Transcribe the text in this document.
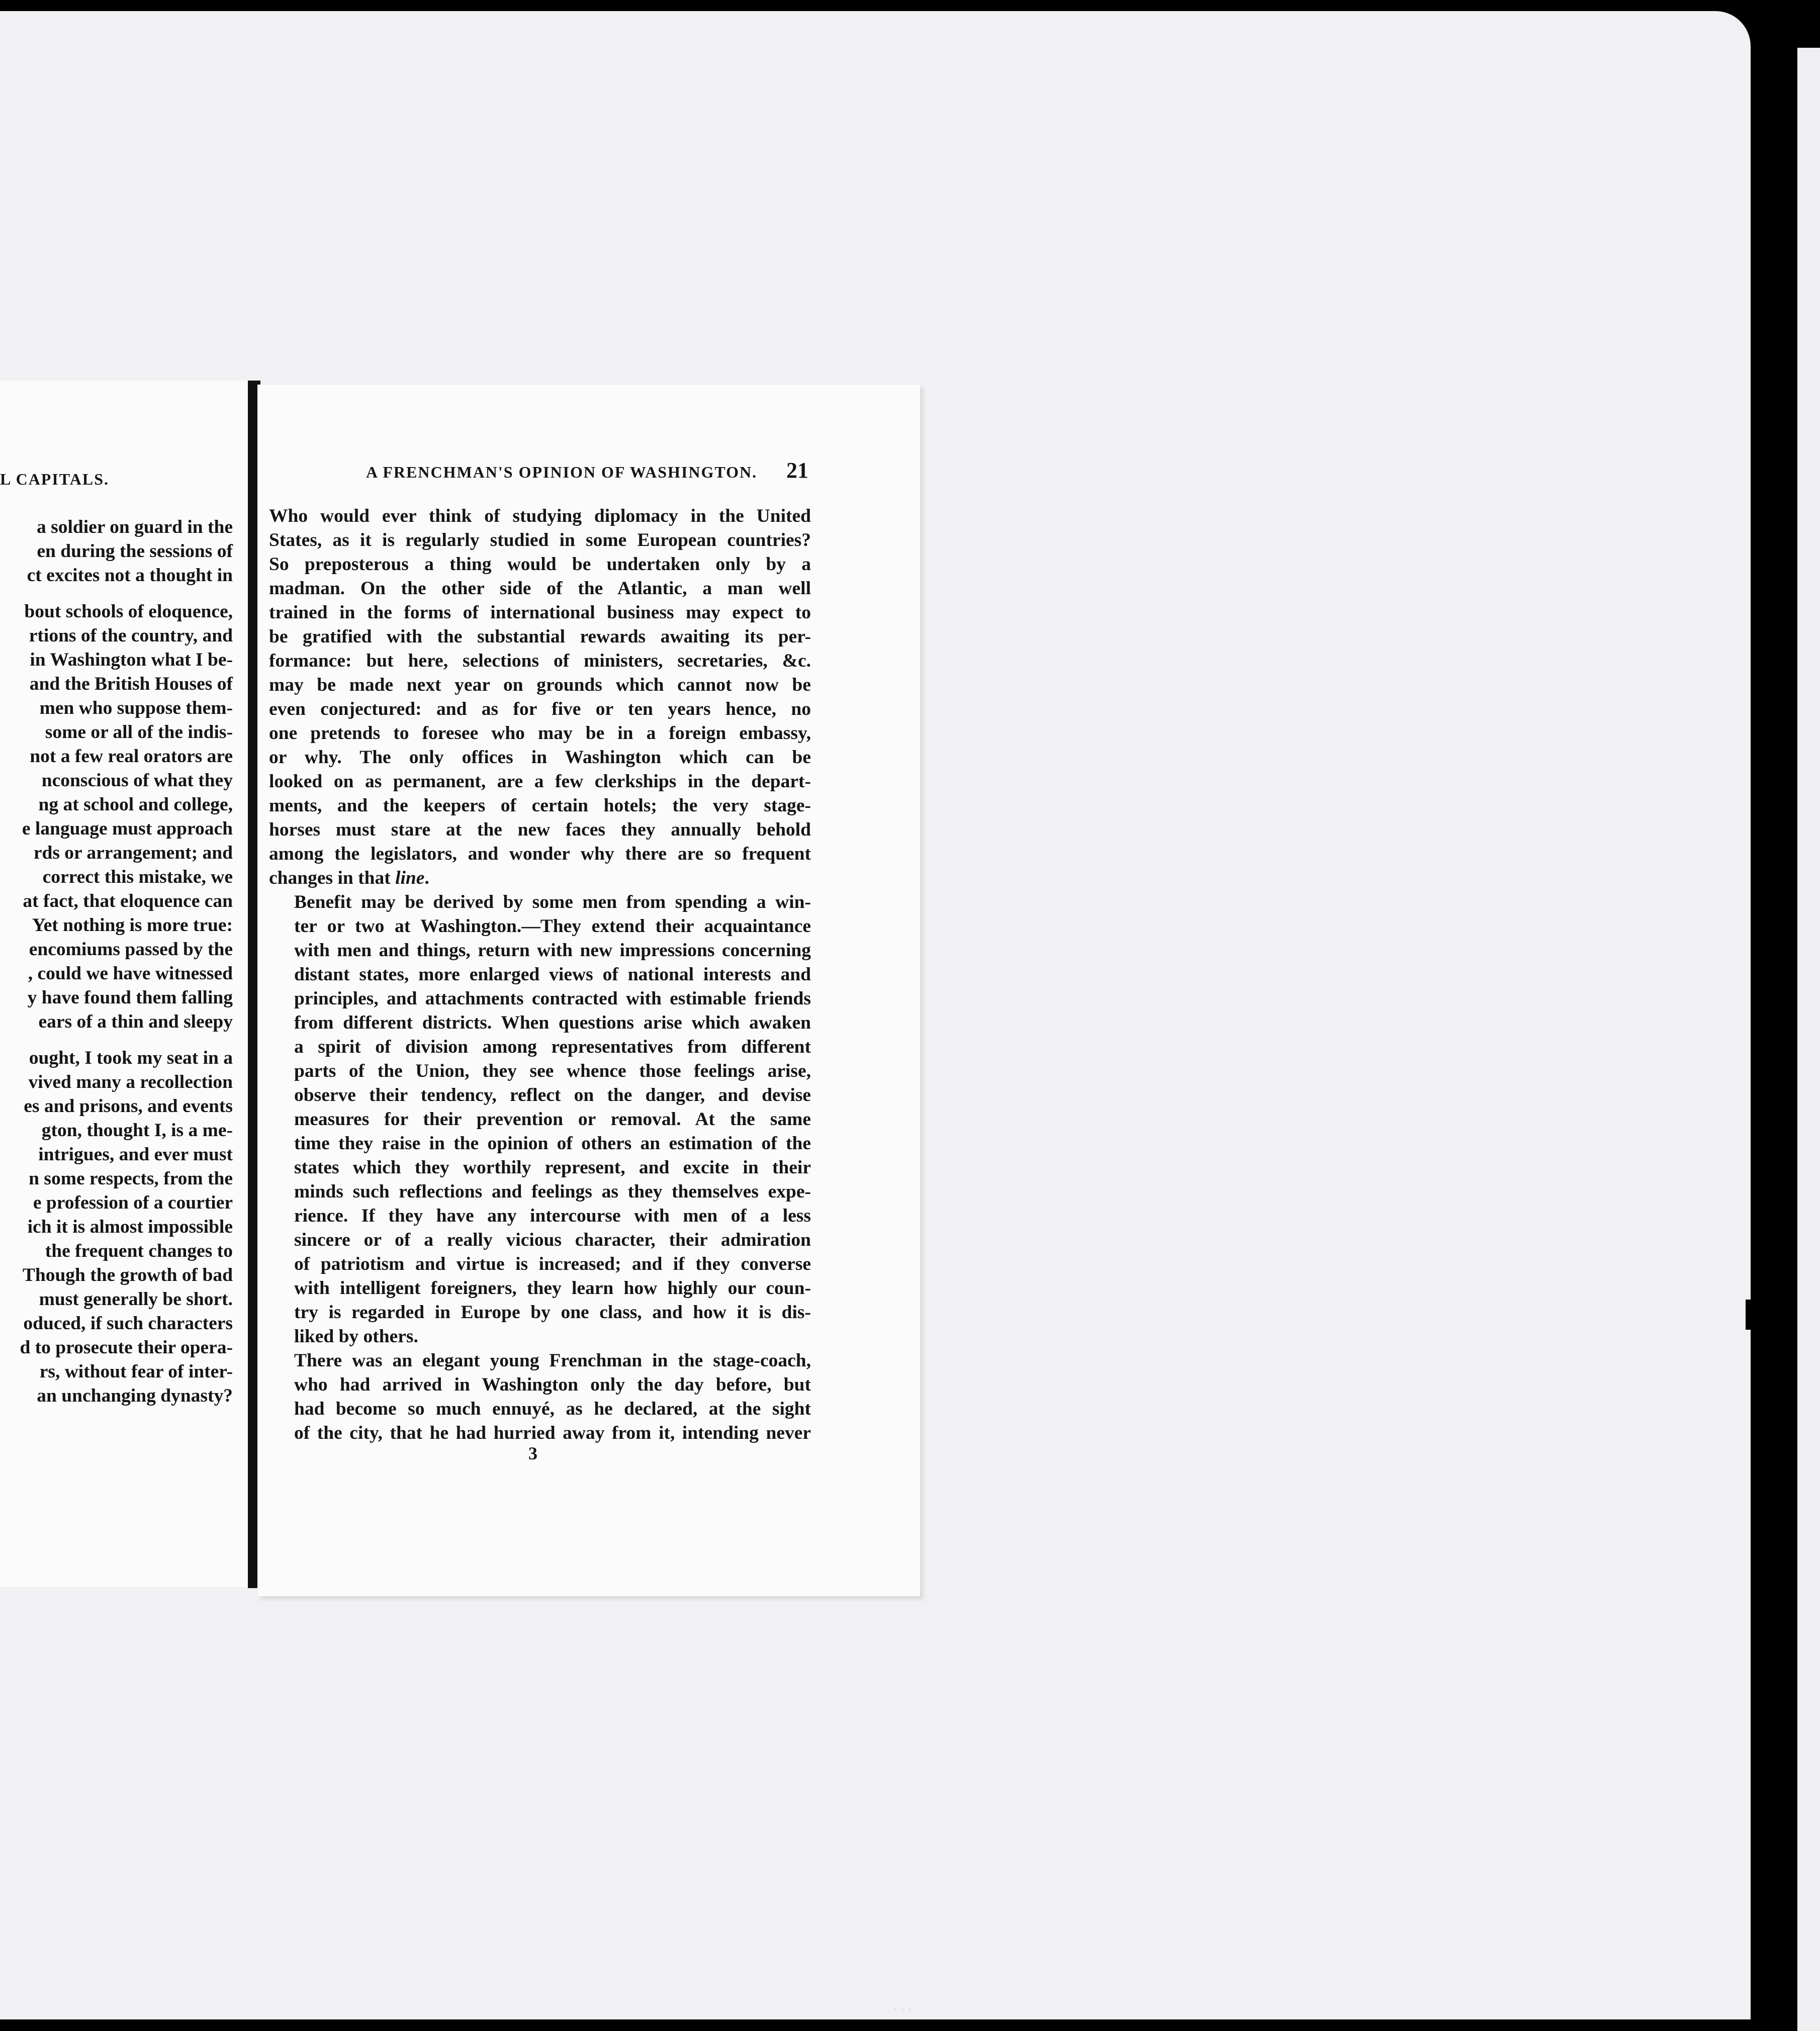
L CAPITALS.
a soldier on guard in the
en during the sessions of
ct excites not a thought in
bout schools of eloquence,
rtions of the country, and
in Washington what I be-
and the British Houses of
men who suppose them-
some or all of the indis-
not a few real orators are
nconscious of what they
ng at school and college,
e language must approach
rds or arrangement; and
correct this mistake, we
at fact, that eloquence can
Yet nothing is more true:
encomiums passed by the
, could we have witnessed
y have found them falling
ears of a thin and sleepy
ought, I took my seat in a
vived many a recollection
es and prisons, and events
gton, thought I, is a me-
intrigues, and ever must
n some respects, from the
e profession of a courtier
ich it is almost impossible
the frequent changes to
Though the growth of bad
must generally be short.
oduced, if such characters
d to prosecute their opera-
rs, without fear of inter-
an unchanging dynasty?
A FRENCHMAN'S OPINION OF WASHINGTON. 21
Who would ever think of studying diplomacy in the United
States, as it is regularly studied in some European countries?
So preposterous a thing would be undertaken only by a
madman. On the other side of the Atlantic, a man well
trained in the forms of international business may expect to
be gratified with the substantial rewards awaiting its per-
formance: but here, selections of ministers, secretaries, &c.
may be made next year on grounds which cannot now be
even conjectured: and as for five or ten years hence, no
one pretends to foresee who may be in a foreign embassy,
or why. The only offices in Washington which can be
looked on as permanent, are a few clerkships in the depart-
ments, and the keepers of certain hotels; the very stage-
horses must stare at the new faces they annually behold
among the legislators, and wonder why there are so frequent
changes in that line.
Benefit may be derived by some men from spending a win-
ter or two at Washington.—They extend their acquaintance
with men and things, return with new impressions concerning
distant states, more enlarged views of national interests and
principles, and attachments contracted with estimable friends
from different districts. When questions arise which awaken
a spirit of division among representatives from different
parts of the Union, they see whence those feelings arise,
observe their tendency, reflect on the danger, and devise
measures for their prevention or removal. At the same
time they raise in the opinion of others an estimation of the
states which they worthily represent, and excite in their
minds such reflections and feelings as they themselves expe-
rience. If they have any intercourse with men of a less
sincere or of a really vicious character, their admiration
of patriotism and virtue is increased; and if they converse
with intelligent foreigners, they learn how highly our coun-
try is regarded in Europe by one class, and how it is dis-
liked by others.
There was an elegant young Frenchman in the stage-coach,
who had arrived in Washington only the day before, but
had become so much ennuyé, as he declared, at the sight
of the city, that he had hurried away from it, intending never
3
· · ·
